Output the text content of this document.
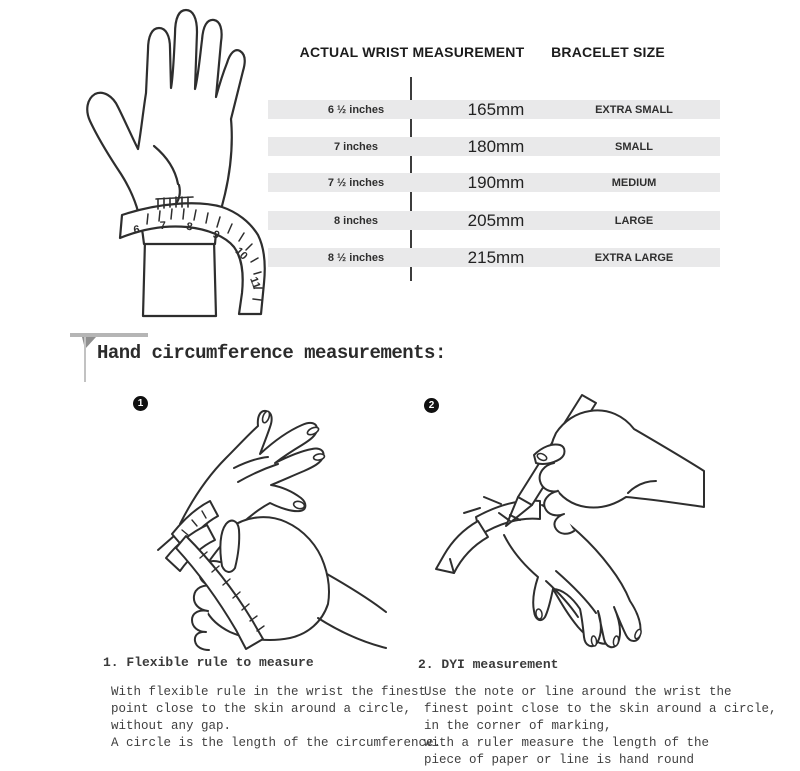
6 7 8
9
10
11
ACTUAL WRIST MEASUREMENT	BRACELET SIZE
6 ½ inches	165mm	EXTRA SMALL
7 inches	180mm	SMALL
7 ½ inches	190mm	MEDIUM
8 inches	205mm	LARGE
8 ½ inches	215mm	EXTRA LARGE
Hand circumference measurements:
1	2
1. Flexible rule to measure
With flexible rule in the wrist the finest
point close to the skin around a circle,
without any gap.
A circle is the length of the circumference.
2. DYI measurement
Use the note or line around the wrist the
finest point close to the skin around a circle,
in the corner of marking,
with a ruler measure the length of the
piece of paper or line is hand round
